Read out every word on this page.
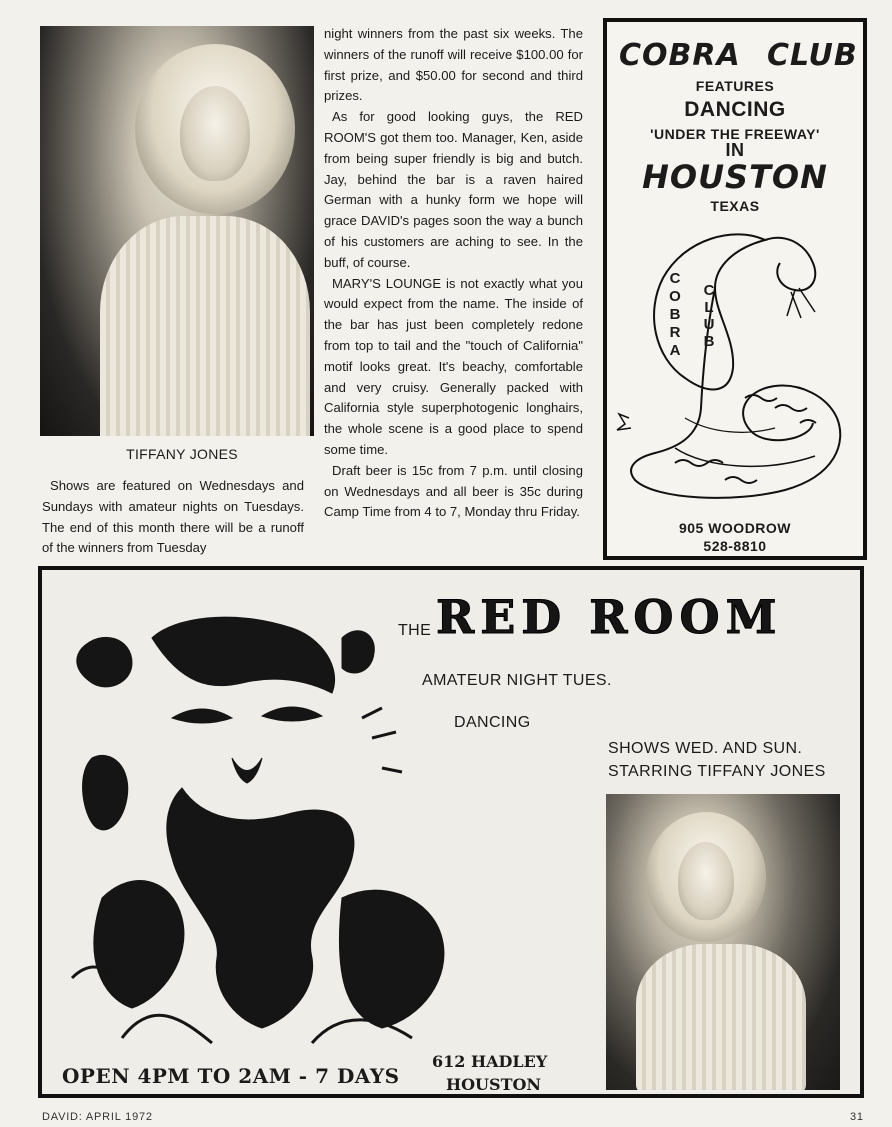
TIFFANY JONES

Shows are featured on Wednesdays and Sundays with amateur nights on Tuesdays. The end of this month there will be a runoff of the winners from Tuesday

night winners from the past six weeks. The winners of the runoff will receive $100.00 for first prize, and $50.00 for second and third prizes.

As for good looking guys, the RED ROOM'S got them too. Manager, Ken, aside from being super friendly is big and butch. Jay, behind the bar is a raven haired German with a hunky form we hope will grace DAVID's pages soon the way a bunch of his customers are aching to see. In the buff, of course.

MARY'S LOUNGE is not exactly what you would expect from the name. The inside of the bar has just been completely redone from top to tail and the "touch of California" motif looks great. It's beachy, comfortable and very cruisy. Generally packed with California style superphotogenic longhairs, the whole scene is a good place to spend some time.

Draft beer is 15c from 7 p.m. until closing on Wednesdays and all beer is 35c during Camp Time from 4 to 7, Monday thru Friday.

COBRA CLUB
FEATURES
DANCING
'UNDER THE FREEWAY'
IN
HOUSTON
TEXAS
C
O
B
R
A
C
L
U
B
905 WOODROW
528-8810
THE RED ROOM
AMATEUR NIGHT TUES.
DANCING
SHOWS WED. AND SUN.
STARRING TIFFANY JONES
OPEN 4PM TO 2AM - 7 DAYS
612 HADLEY
HOUSTON
DAVID: APRIL 1972	31
